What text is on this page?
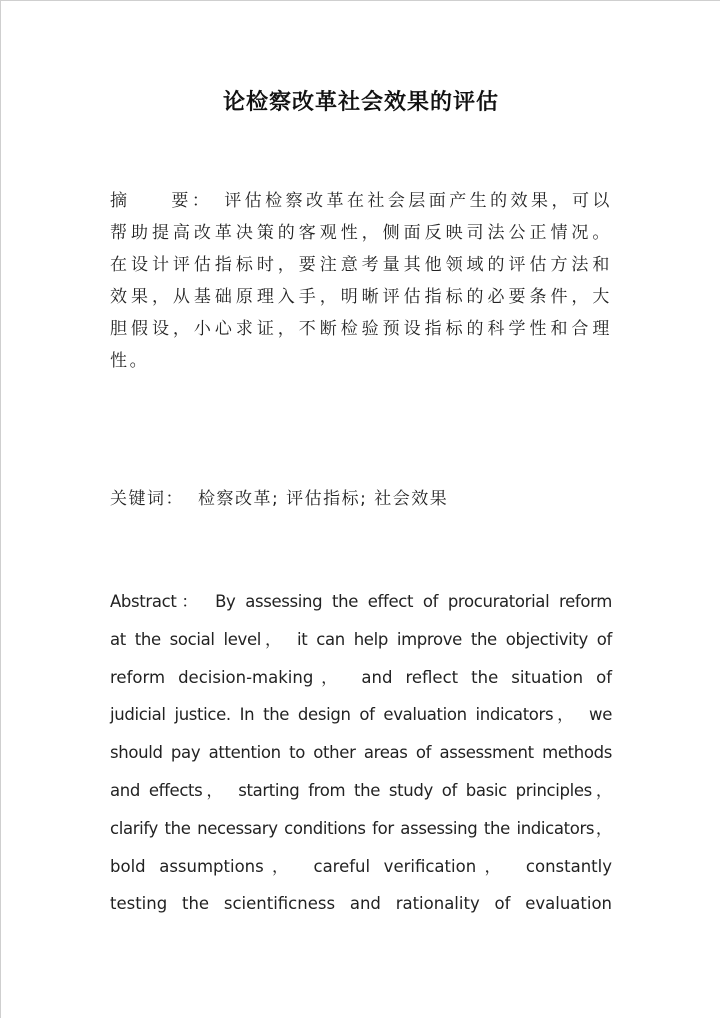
论检察改革社会效果的评估
摘　　要：　评估检察改革在社会层面产生的效果，可以
帮助提高改革决策的客观性，侧面反映司法公正情况。
在设计评估指标时，要注意考量其他领域的评估方法和
效果，从基础原理入手，明晰评估指标的必要条件，大
胆假设，小心求证，不断检验预设指标的科学性和合理
性。
关键词： 检察改革; 评估指标; 社会效果
Abstract：　By assessing the effect of procuratorial reform
at the social level，　it can help improve the objectivity of
reform decision-making，　and reflect the situation of
judicial justice. In the design of evaluation indicators，　we
should pay attention to other areas of assessment methods
and effects，　starting from the study of basic principles，
clarify the necessary conditions for assessing the indicators，
bold assumptions，　careful verification，　constantly
testing the scientificness and rationality of evaluation
